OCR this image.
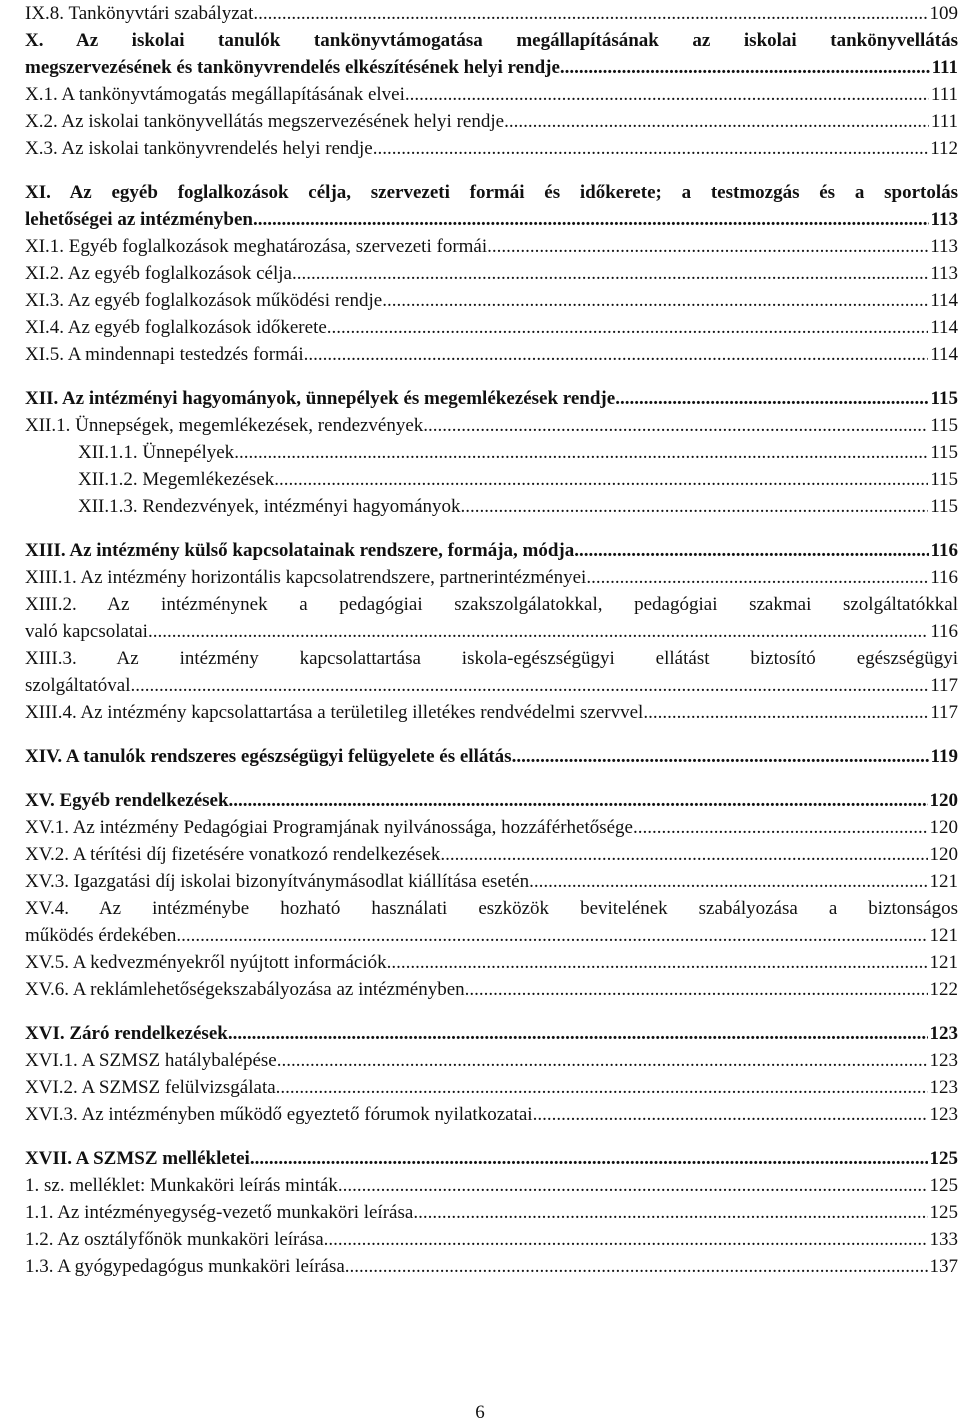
IX.8. Tankönyvtári szabályzat .....	109
X. Az iskolai tanulók tankönyvtámogatása megállapításának az iskolai tankönyvellátás
megszervezésének és tankönyvrendelés elkészítésének helyi rendje .....	111
X.1. A tankönyvtámogatás megállapításának elvei .....	111
X.2. Az iskolai tankönyvellátás megszervezésének helyi rendje .....	111
X.3. Az iskolai tankönyvrendelés helyi rendje .....	112
XI. Az egyéb foglalkozások célja, szervezeti formái és időkerete; a testmozgás és a sportolás
lehetőségei az intézményben .....	113
XI.1. Egyéb foglalkozások meghatározása, szervezeti formái .....	113
XI.2. Az egyéb foglalkozások célja .....	113
XI.3. Az egyéb foglalkozások működési rendje .....	114
XI.4. Az egyéb foglalkozások időkerete .....	114
XI.5. A mindennapi testedzés formái .....	114
XII. Az intézményi hagyományok, ünnepélyek és megemlékezések rendje .....	115
XII.1. Ünnepségek, megemlékezések, rendezvények .....	115
XII.1.1. Ünnepélyek .....	115
XII.1.2. Megemlékezések .....	115
XII.1.3. Rendezvények, intézményi hagyományok .....	115
XIII. Az intézmény külső kapcsolatainak rendszere, formája, módja .....	116
XIII.1. Az intézmény horizontális kapcsolatrendszere, partnerintézményei .....	116
XIII.2. Az intézménynek a pedagógiai szakszolgálatokkal, pedagógiai szakmai szolgáltatókkal
való kapcsolatai .....	116
XIII.3. Az intézmény kapcsolattartása iskola-egészségügyi ellátást biztosító egészségügyi
szolgáltatóval .....	117
XIII.4. Az intézmény kapcsolattartása a területileg illetékes rendvédelmi szervvel .....	117
XIV. A tanulók rendszeres egészségügyi felügyelete és ellátás .....	119
XV. Egyéb rendelkezések .....	120
XV.1. Az intézmény Pedagógiai Programjának nyilvánossága, hozzáférhetősége .....	120
XV.2. A térítési díj fizetésére vonatkozó rendelkezések .....	120
XV.3. Igazgatási díj iskolai bizonyítványmásodlat kiállítása esetén .....	121
XV.4. Az intézménybe hozható használati eszközök bevitelének szabályozása a biztonságos
működés érdekében .....	121
XV.5. A kedvezményekről nyújtott információk .....	121
XV.6. A reklámlehetőségekszabályozása az intézményben .....	122
XVI. Záró rendelkezések .....	123
XVI.1. A SZMSZ hatálybalépése .....	123
XVI.2. A SZMSZ felülvizsgálata .....	123
XVI.3. Az intézményben működő egyeztető fórumok nyilatkozatai .....	123
XVII. A SZMSZ mellékletei .....	125
1. sz. melléklet: Munkaköri leírás minták .....	125
1.1. Az intézményegység-vezető munkaköri leírása .....	125
1.2. Az osztályfőnök munkaköri leírása .....	133
1.3. A gyógypedagógus munkaköri leírása .....	137
6
